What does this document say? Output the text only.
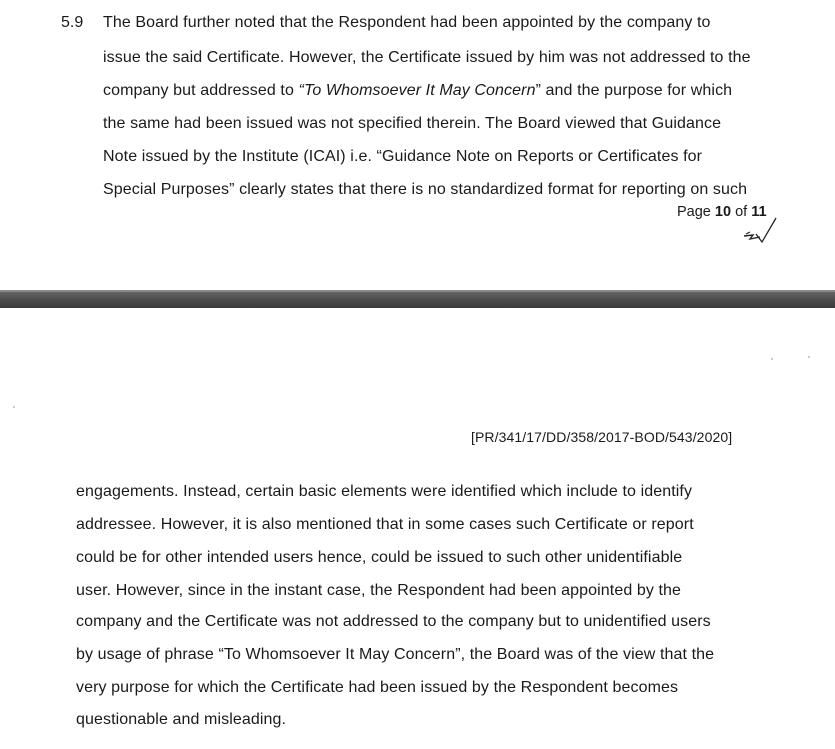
5.9 The Board further noted that the Respondent had been appointed by the company to
issue the said Certificate. However, the Certificate issued by him was not addressed to the
company but addressed to “To Whomsoever It May Concern” and the purpose for which
the same had been issued was not specified therein. The Board viewed that Guidance
Note issued by the Institute (ICAI) i.e. “Guidance Note on Reports or Certificates for
Special Purposes” clearly states that there is no standardized format for reporting on such
Page 10 of 11
[PR/341/17/DD/358/2017-BOD/543/2020]
engagements. Instead, certain basic elements were identified which include to identify
addressee. However, it is also mentioned that in some cases such Certificate or report
could be for other intended users hence, could be issued to such other unidentifiable
user. However, since in the instant case, the Respondent had been appointed by the
company and the Certificate was not addressed to the company but to unidentified users
by usage of phrase “To Whomsoever It May Concern”, the Board was of the view that the
very purpose for which the Certificate had been issued by the Respondent becomes
questionable and misleading.
